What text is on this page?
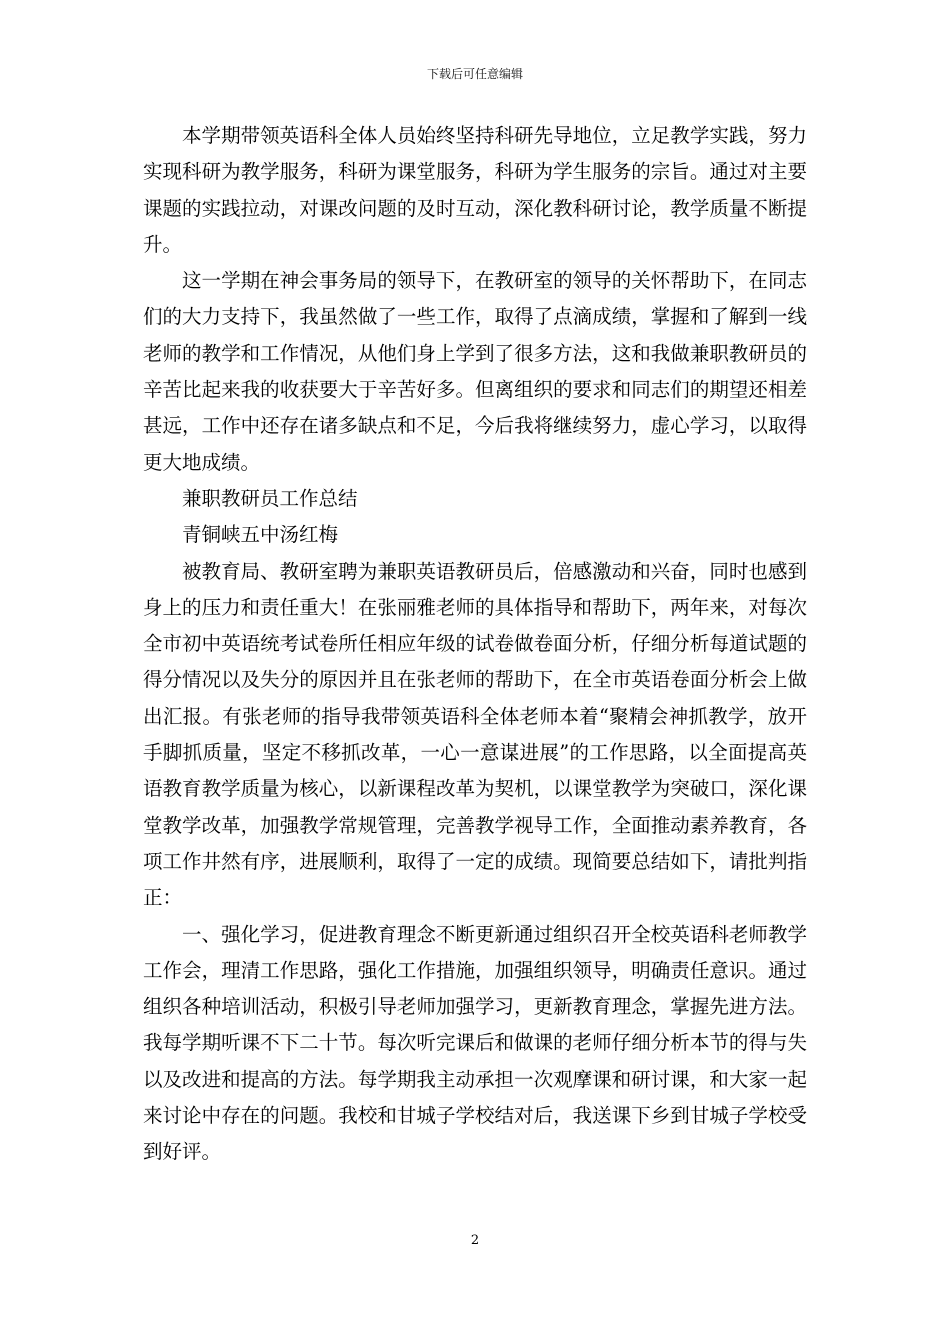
下载后可任意编辑

本学期带领英语科全体人员始终坚持科研先导地位，立足教学实践，努力实现科研为教学服务，科研为课堂服务，科研为学生服务的宗旨。通过对主要课题的实践拉动，对课改问题的及时互动，深化教科研讨论，教学质量不断提升。

这一学期在神会事务局的领导下，在教研室的领导的关怀帮助下，在同志们的大力支持下，我虽然做了一些工作，取得了点滴成绩，掌握和了解到一线老师的教学和工作情况，从他们身上学到了很多方法，这和我做兼职教研员的辛苦比起来我的收获要大于辛苦好多。但离组织的要求和同志们的期望还相差甚远，工作中还存在诸多缺点和不足，今后我将继续努力，虚心学习，以取得更大地成绩。

兼职教研员工作总结

青铜峡五中汤红梅

被教育局、教研室聘为兼职英语教研员后，倍感激动和兴奋，同时也感到身上的压力和责任重大！在张丽雅老师的具体指导和帮助下，两年来，对每次全市初中英语统考试卷所任相应年级的试卷做卷面分析，仔细分析每道试题的得分情况以及失分的原因并且在张老师的帮助下，在全市英语卷面分析会上做出汇报。有张老师的指导我带领英语科全体老师本着“聚精会神抓教学，放开手脚抓质量，坚定不移抓改革，一心一意谋进展”的工作思路，以全面提高英语教育教学质量为核心，以新课程改革为契机，以课堂教学为突破口，深化课堂教学改革，加强教学常规管理，完善教学视导工作，全面推动素养教育，各项工作井然有序，进展顺利，取得了一定的成绩。现简要总结如下，请批判指正：

一、强化学习，促进教育理念不断更新通过组织召开全校英语科老师教学工作会，理清工作思路，强化工作措施，加强组织领导，明确责任意识。通过组织各种培训活动，积极引导老师加强学习，更新教育理念，掌握先进方法。我每学期听课不下二十节。每次听完课后和做课的老师仔细分析本节的得与失以及改进和提高的方法。每学期我主动承担一次观摩课和研讨课，和大家一起来讨论中存在的问题。我校和甘城子学校结对后，我送课下乡到甘城子学校受到好评。

2
